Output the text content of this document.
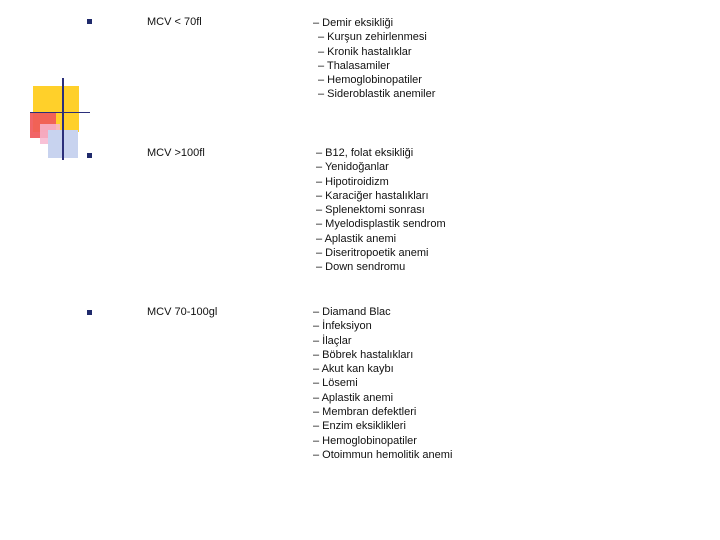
MCV < 70fl	– Demir eksikliği
– Kurşun zehirlenmesi
– Kronik hastalıklar
– Thalasamiler
– Hemoglobinopatiler
– Sideroblastik anemiler
MCV >100fl	– B12, folat eksikliği
– Yenidoğanlar
– Hipotiroidizm
– Karaciğer hastalıkları
– Splenektomi sonrası
– Myelodisplastik sendrom
– Aplastik anemi
– Diseritropoetik anemi
– Down sendromu
MCV 70-100gl	– Diamand Blac
– İnfeksiyon
– İlaçlar
– Böbrek hastalıkları
– Akut kan kaybı
– Lösemi
– Aplastik anemi
– Membran defektleri
– Enzim eksiklikleri
– Hemoglobinopatiler
– Otoimmun hemolitik anemi
